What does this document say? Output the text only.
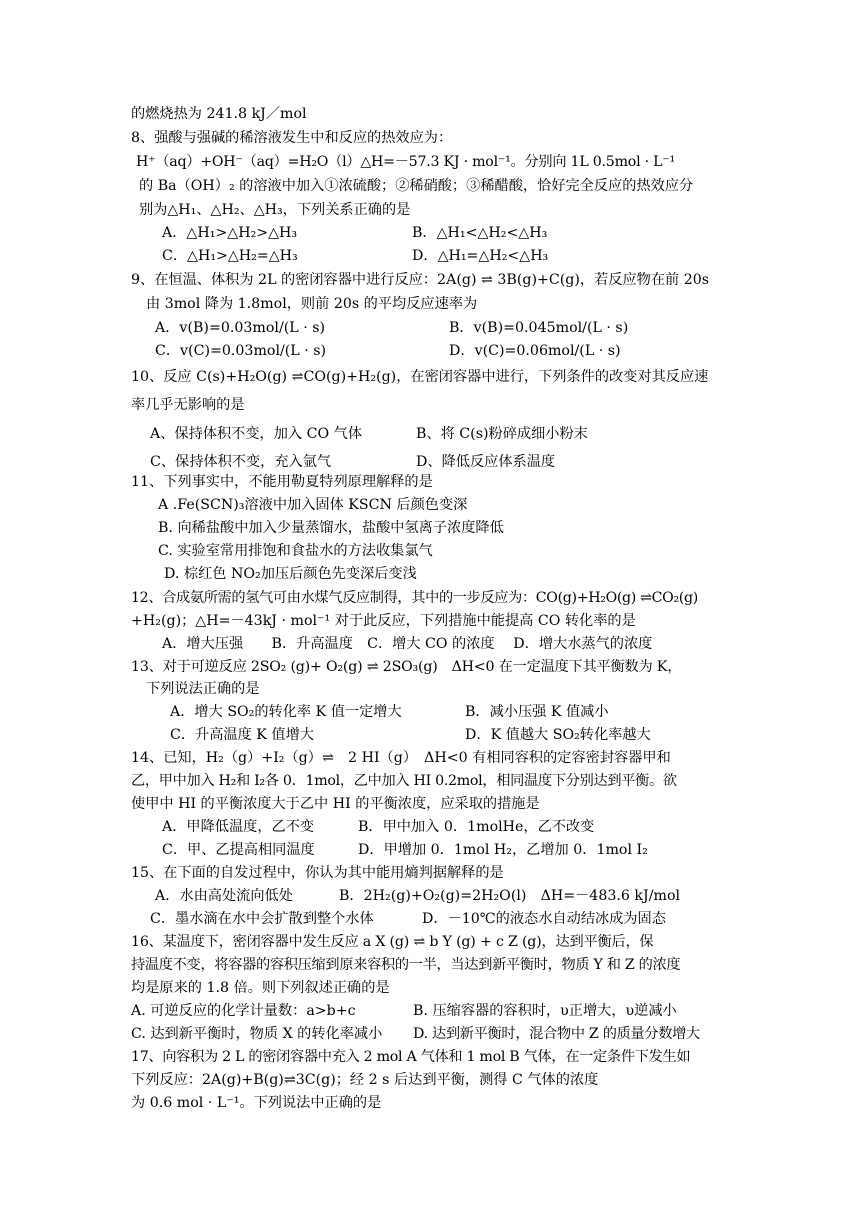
的燃烧热为 241.8 kJ／mol
8、强酸与强碱的稀溶液发生中和反应的热效应为：
H⁺（aq）+OH⁻（aq）=H₂O（l）△H=－57.3 KJ · mol⁻¹。分别向 1L 0.5mol · L⁻¹
的 Ba（OH）₂ 的溶液中加入①浓硫酸；②稀硝酸；③稀醋酸，恰好完全反应的热效应分
别为△H₁、△H₂、△H₃，下列关系正确的是
A．△H₁>△H₂>△H₃	B．△H₁<△H₂<△H₃
C．△H₁>△H₂=△H₃	D．△H₁=△H₂<△H₃
9、在恒温、体积为 2L 的密闭容器中进行反应：2A(g) ⇌ 3B(g)+C(g)，若反应物在前 20s
由 3mol 降为 1.8mol，则前 20s 的平均反应速率为
A．v(B)=0.03mol/(L · s)	B．v(B)=0.045mol/(L · s)
C．v(C)=0.03mol/(L · s)	D．v(C)=0.06mol/(L · s)
10、反应 C(s)+H₂O(g) ⇌CO(g)+H₂(g)，在密闭容器中进行，下列条件的改变对其反应速
率几乎无影响的是
A、保持体积不变，加入 CO 气体	B、将 C(s)粉碎成细小粉末
C、保持体积不变，充入氩气	D、降低反应体系温度
11、下列事实中，不能用勒夏特列原理解释的是
A .Fe(SCN)₃溶液中加入固体 KSCN 后颜色变深
B. 向稀盐酸中加入少量蒸馏水，盐酸中氢离子浓度降低
C. 实验室常用排饱和食盐水的方法收集氯气
D. 棕红色 NO₂加压后颜色先变深后变浅
12、合成氨所需的氢气可由水煤气反应制得，其中的一步反应为：CO(g)+H₂O(g) ⇌CO₂(g)
+H₂(g)；△H=－43kJ · mol⁻¹ 对于此反应，下列措施中能提高 CO 转化率的是
A．增大压强　　B．升高温度　C．增大 CO 的浓度　 D．增大水蒸气的浓度
13、对于可逆反应 2SO₂ (g)+ O₂(g) ⇌ 2SO₃(g)　ΔH<0 在一定温度下其平衡数为 K，
下列说法正确的是
A．增大 SO₂的转化率 K 值一定增大	B．减小压强 K 值减小
C．升高温度 K 值增大	D．K 值越大 SO₂转化率越大
14、已知，H₂（g）+I₂（g）⇌　2 HI（g）　ΔH<0 有相同容积的定容密封容器甲和
乙，甲中加入 H₂和 I₂各 0．1mol，乙中加入 HI 0.2mol，相同温度下分别达到平衡。欲
使甲中 HI 的平衡浓度大于乙中 HI 的平衡浓度，应采取的措施是
A．甲降低温度，乙不变	B．甲中加入 0．1molHe，乙不改变
C．甲、乙提高相同温度	D．甲增加 0．1mol H₂，乙增加 0．1mol I₂
15、在下面的自发过程中，你认为其中能用熵判据解释的是
A．水由高处流向低处	B．2H₂(g)+O₂(g)=2H₂O(l)　ΔH=－483.6 kJ/mol
C．墨水滴在水中会扩散到整个水体	D．－10℃的液态水自动结冰成为固态
16、某温度下，密闭容器中发生反应 a X (g) ⇌ b Y (g) + c Z (g)，达到平衡后，保
持温度不变，将容器的容积压缩到原来容积的一半，当达到新平衡时，物质 Y 和 Z 的浓度
均是原来的 1.8 倍。则下列叙述正确的是
A. 可逆反应的化学计量数：a>b+c	B. 压缩容器的容积时，υ正增大，υ逆减小
C. 达到新平衡时，物质 X 的转化率减小 D. 达到新平衡时，混合物中 Z 的质量分数增大
17、向容积为 2 L 的密闭容器中充入 2 mol A 气体和 1 mol B 气体，在一定条件下发生如
下列反应：2A(g)+B(g)⇌3C(g)；经 2 s 后达到平衡，测得 C 气体的浓度
为 0.6 mol · L⁻¹。下列说法中正确的是
